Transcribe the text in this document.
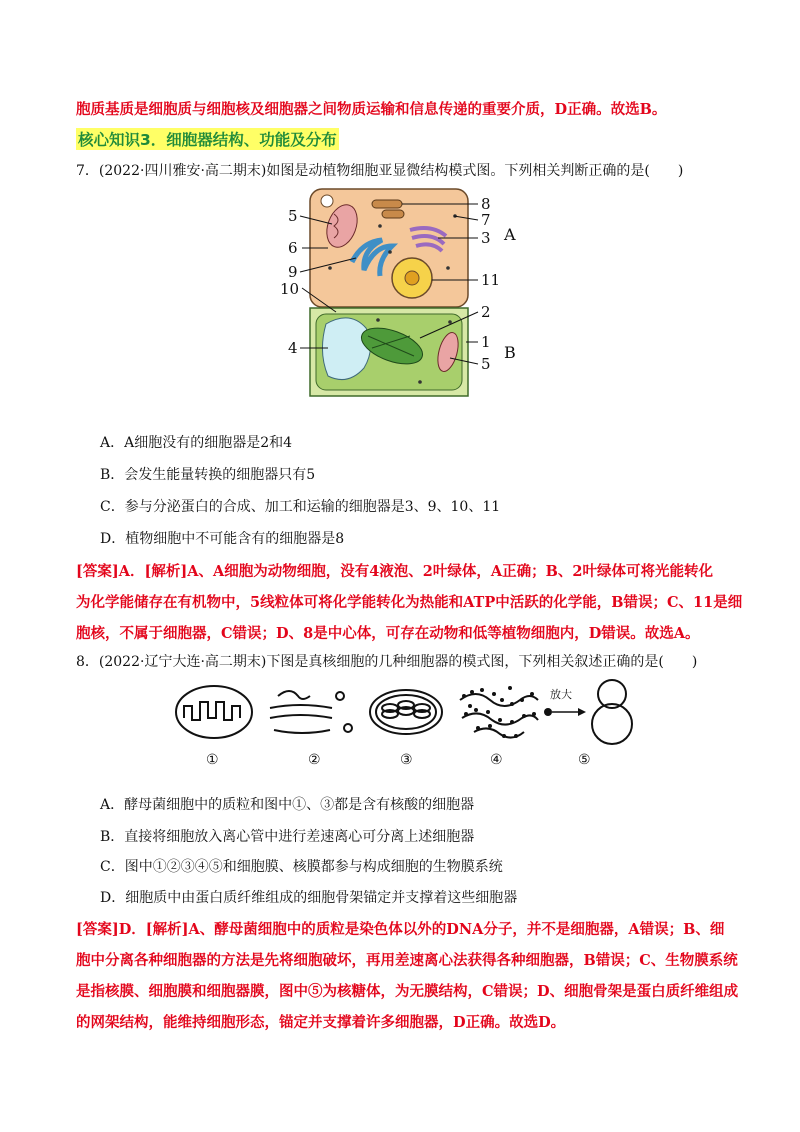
胞质基质是细胞质与细胞核及细胞器之间物质运输和信息传递的重要介质，D正确。故选B。
核心知识3．细胞器结构、功能及分布
7．(2022·四川雅安·高二期末)如图是动植物细胞亚显微结构模式图。下列相关判断正确的是( )
5
6
9
10
4
8
7
3
11
2
1
5
A
B
A．A细胞没有的细胞器是2和4
B．会发生能量转换的细胞器只有5
C．参与分泌蛋白的合成、加工和运输的细胞器是3、9、10、11
D．植物细胞中不可能含有的细胞器是8
[答案]A．[解析]A、A细胞为动物细胞，没有4液泡、2叶绿体，A正确；B、2叶绿体可将光能转化
为化学能储存在有机物中，5线粒体可将化学能转化为热能和ATP中活跃的化学能，B错误；C、11是细
胞核，不属于细胞器，C错误；D、8是中心体，可存在动物和低等植物细胞内，D错误。故选A。
8．(2022·辽宁大连·高二期末)下图是真核细胞的几种细胞器的模式图，下列相关叙述正确的是( )
放大
①	②	③	④	⑤
A．酵母菌细胞中的质粒和图中①、③都是含有核酸的细胞器
B．直接将细胞放入离心管中进行差速离心可分离上述细胞器
C．图中①②③④⑤和细胞膜、核膜都参与构成细胞的生物膜系统
D．细胞质中由蛋白质纤维组成的细胞骨架锚定并支撑着这些细胞器
[答案]D．[解析]A、酵母菌细胞中的质粒是染色体以外的DNA分子，并不是细胞器，A错误；B、细
胞中分离各种细胞器的方法是先将细胞破坏，再用差速离心法获得各种细胞器，B错误；C、生物膜系统
是指核膜、细胞膜和细胞器膜，图中⑤为核糖体，为无膜结构，C错误；D、细胞骨架是蛋白质纤维组成
的网架结构，能维持细胞形态，锚定并支撑着许多细胞器，D正确。故选D。
